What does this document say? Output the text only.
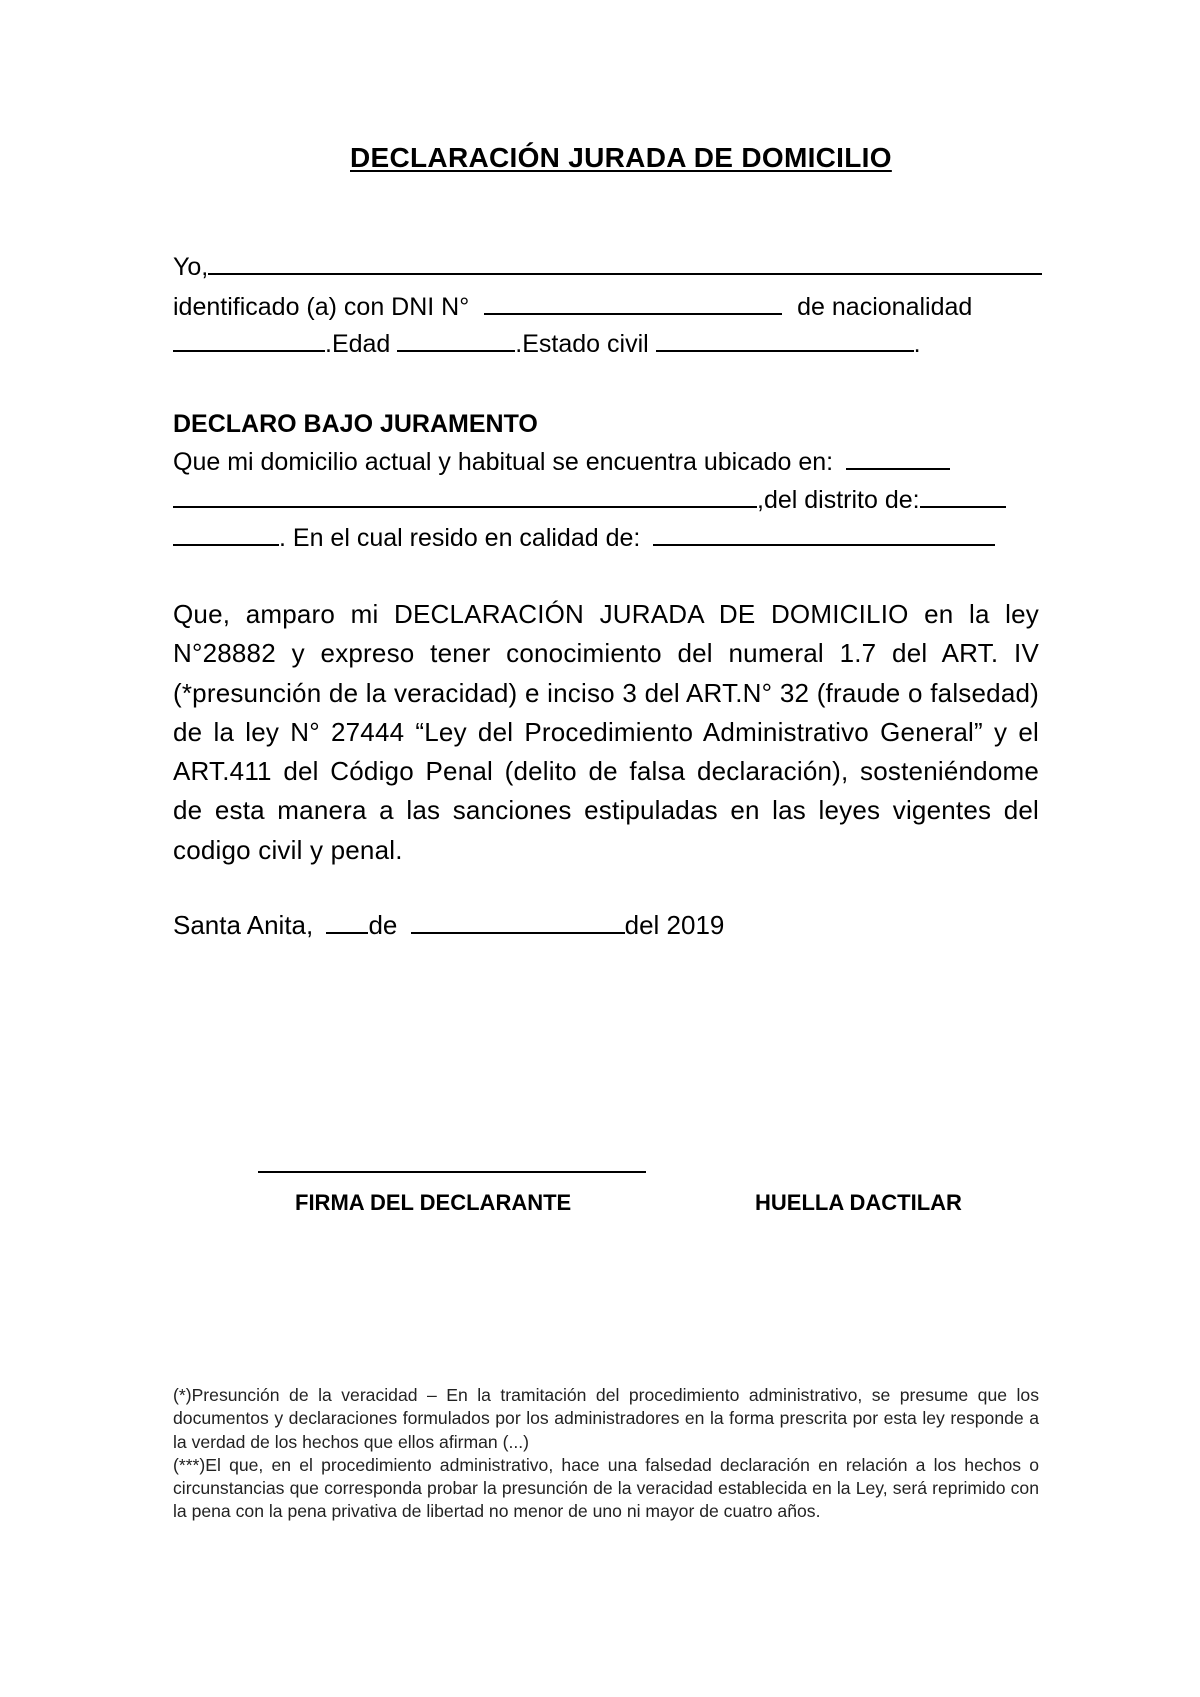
DECLARACIÓN JURADA DE DOMICILIO
Yo,
identificado (a) con DNI N°	de nacionalidad
.Edad	.Estado civil	.
DECLARO BAJO JURAMENTO
Que mi domicilio actual y habitual se encuentra ubicado en:
,del distrito de:
. En el cual resido en calidad de:
Que, amparo mi DECLARACIÓN JURADA DE DOMICILIO en la ley N°28882 y expreso tener conocimiento del numeral 1.7 del ART. IV (*presunción de la veracidad) e inciso 3 del ART.N° 32 (fraude o falsedad) de la ley N° 27444 “Ley del Procedimiento Administrativo General” y el ART.411 del Código Penal (delito de falsa declaración), sosteniéndome de esta manera a las sanciones estipuladas en las leyes vigentes del codigo civil y penal.
Santa Anita, de	del 2019
FIRMA DEL DECLARANTE	HUELLA DACTILAR

(*)Presunción de la veracidad – En la tramitación del procedimiento administrativo, se presume que los documentos y declaraciones formulados por los administradores en la forma prescrita por esta ley responde a la verdad de los hechos que ellos afirman (...)

(***)El que, en el procedimiento administrativo, hace una falsedad declaración en relación a los hechos o circunstancias que corresponda probar la presunción de la veracidad establecida en la Ley, será reprimido con la pena con la pena privativa de libertad no menor de uno ni mayor de cuatro años.
